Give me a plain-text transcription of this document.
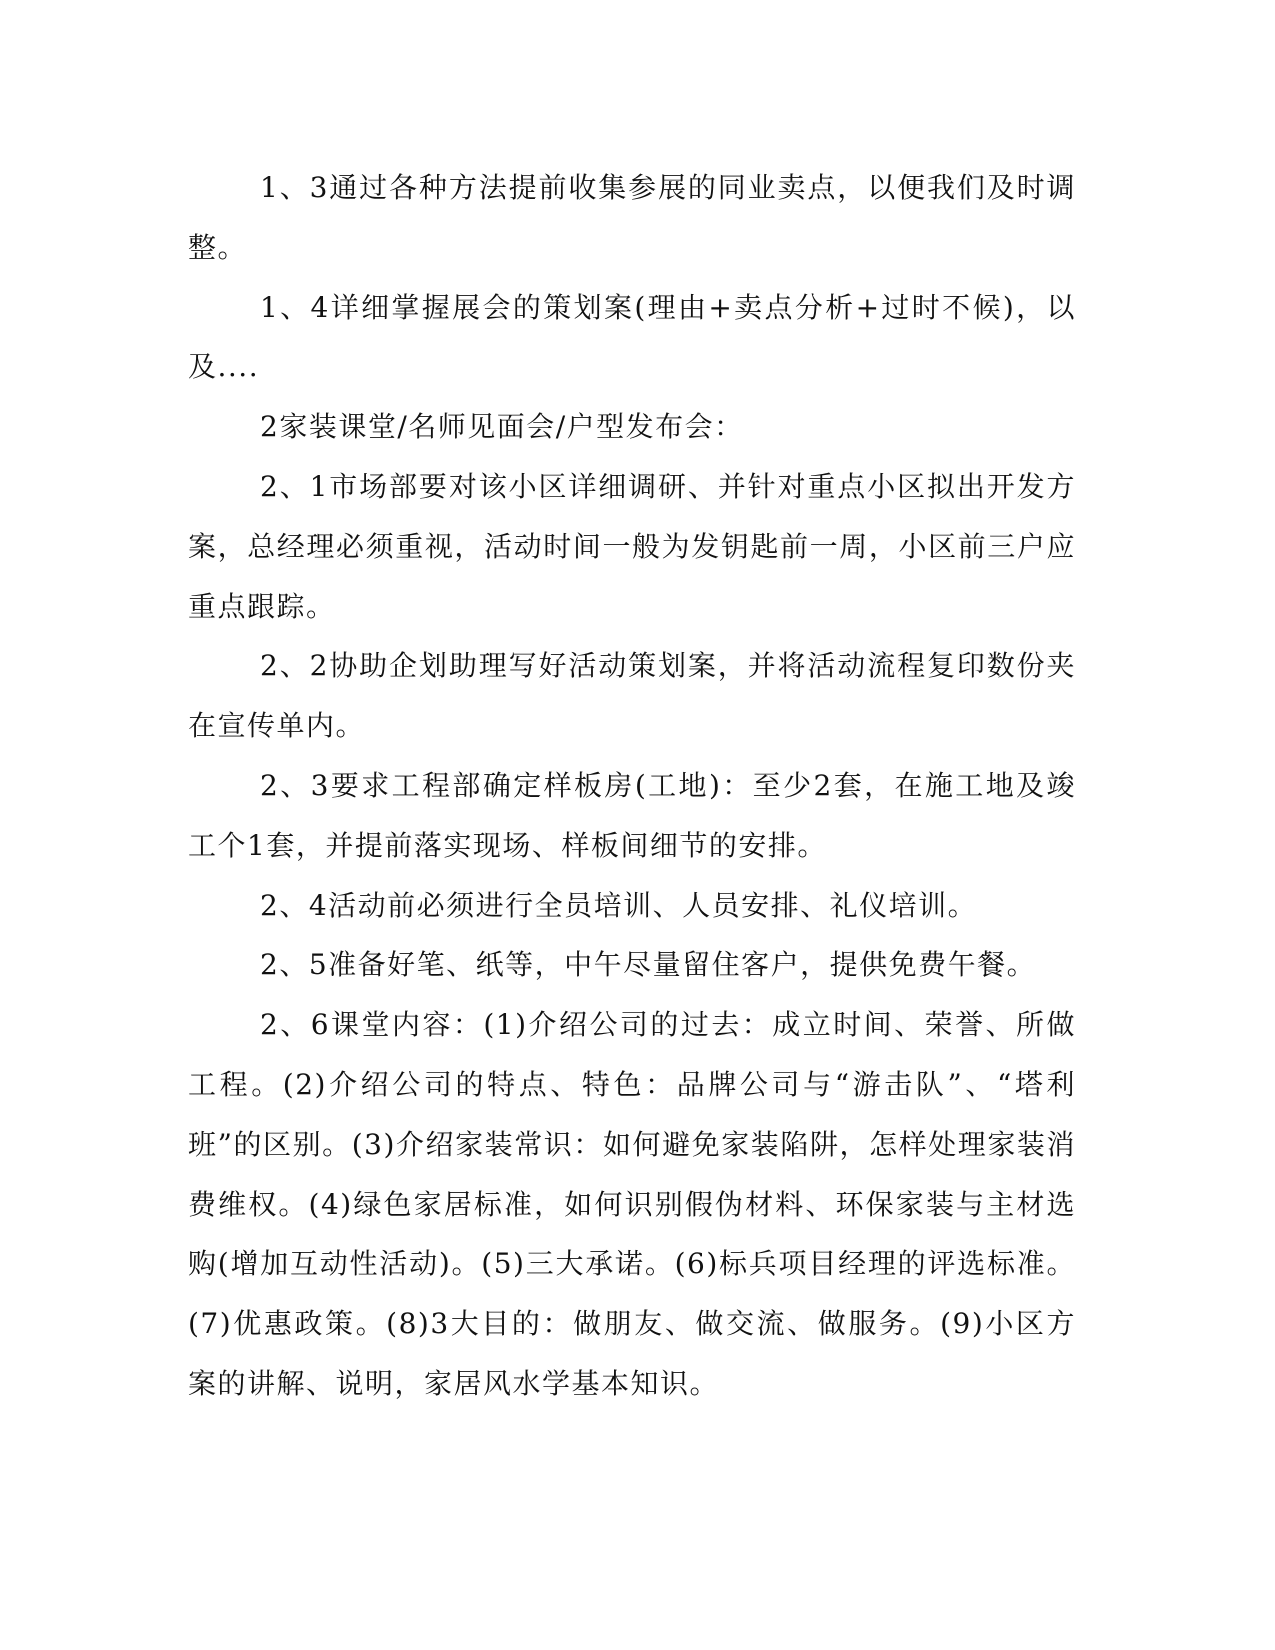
1、3通过各种方法提前收集参展的同业卖点，以便我们及时调整。

1、4详细掌握展会的策划案(理由+卖点分析+过时不候)，以及....

2家装课堂/名师见面会/户型发布会：

2、1市场部要对该小区详细调研、并针对重点小区拟出开发方案，总经理必须重视，活动时间一般为发钥匙前一周，小区前三户应重点跟踪。

2、2协助企划助理写好活动策划案，并将活动流程复印数份夹在宣传单内。

2、3要求工程部确定样板房(工地)：至少2套，在施工地及竣工个1套，并提前落实现场、样板间细节的安排。

2、4活动前必须进行全员培训、人员安排、礼仪培训。

2、5准备好笔、纸等，中午尽量留住客户，提供免费午餐。

2、6课堂内容：(1)介绍公司的过去：成立时间、荣誉、所做工程。(2)介绍公司的特点、特色：品牌公司与“游击队”、“塔利班”的区别。(3)介绍家装常识：如何避免家装陷阱，怎样处理家装消费维权。(4)绿色家居标准，如何识别假伪材料、环保家装与主材选购(增加互动性活动)。(5)三大承诺。(6)标兵项目经理的评选标准。(7)优惠政策。(8)3大目的：做朋友、做交流、做服务。(9)小区方案的讲解、说明，家居风水学基本知识。
